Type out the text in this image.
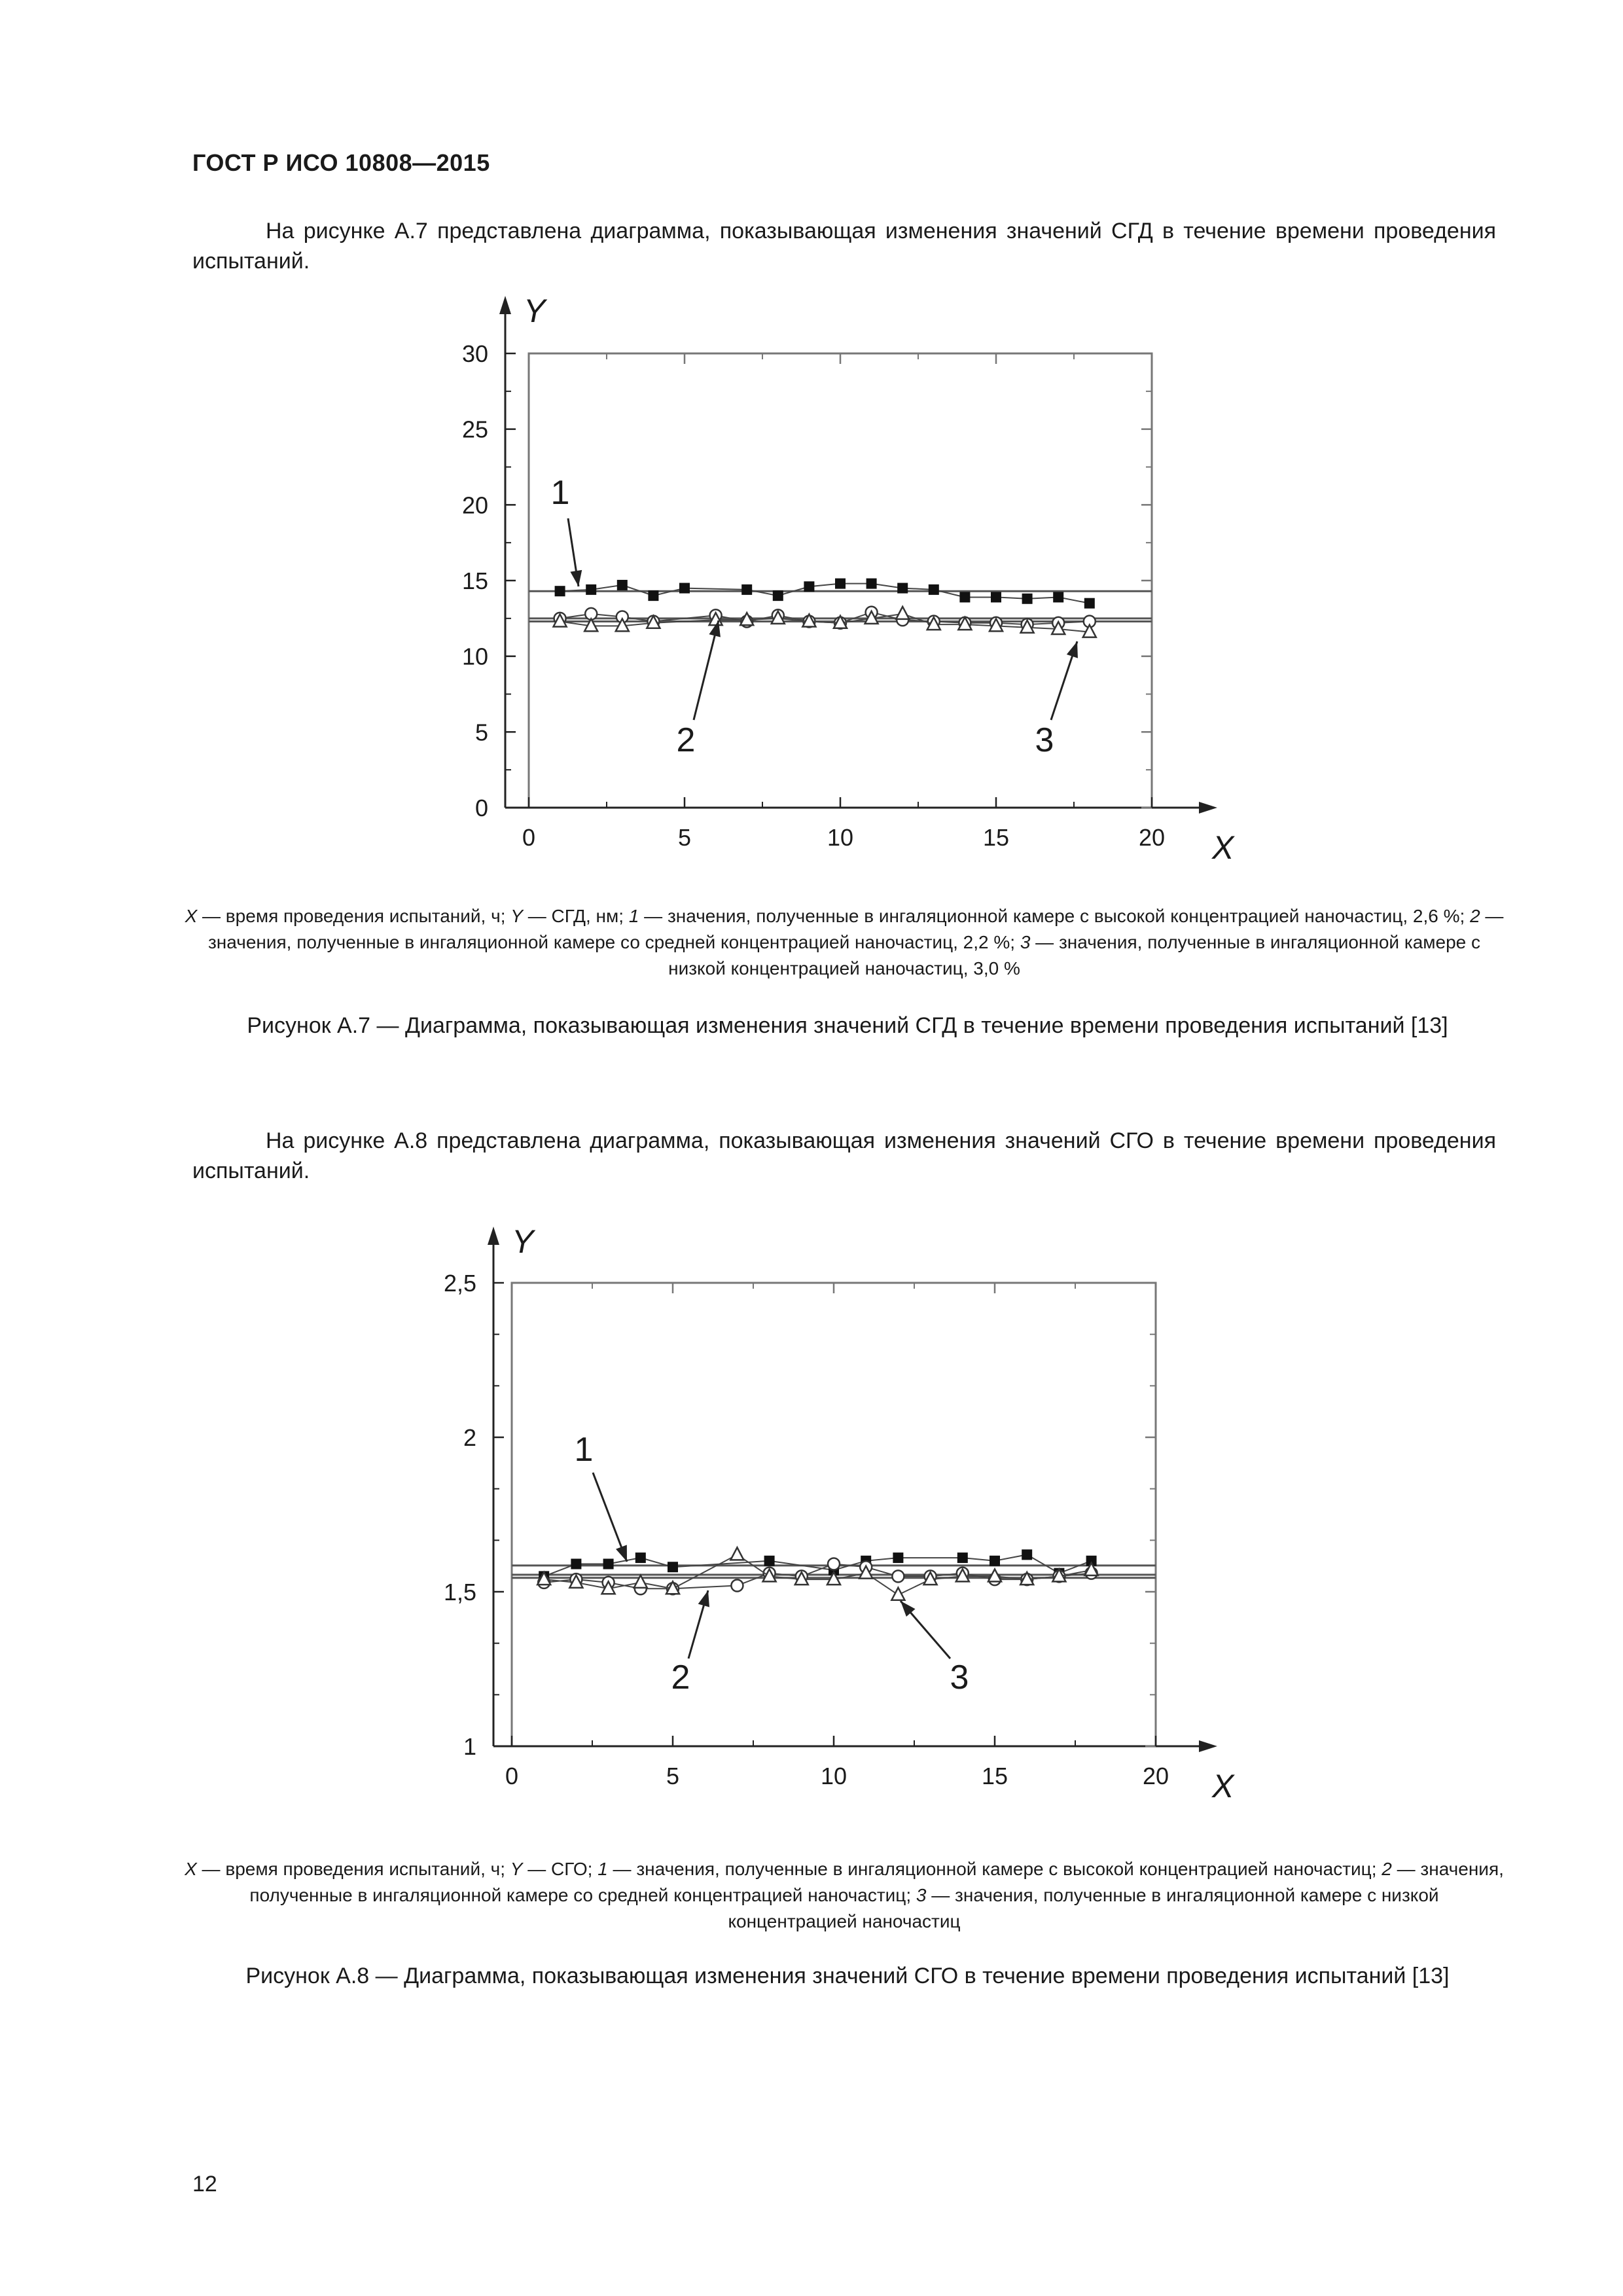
ГОСТ Р ИСО 10808—2015
На рисунке А.7 представлена диаграмма, показывающая изменения значений СГД в течение времени проведения испытаний.
0
5
10
15
20
25
30
0	5	10	15	20
Y
X
1
2	3
X — время проведения испытаний, ч; Y — СГД, нм; 1 — значения, полученные в ингаляционной камере с высокой концентрацией наночастиц, 2,6 %; 2 — значения, полученные в ингаляционной камере со средней концентрацией наночастиц, 2,2 %; 3 — значения, полученные в ингаляционной камере с низкой концентрацией наночастиц, 3,0 %
Рисунок А.7 — Диаграмма, показывающая изменения значений СГД в течение времени проведения испытаний [13]
На рисунке А.8 представлена диаграмма, показывающая изменения значений СГО в течение времени проведения испытаний.
1
1,5
2
2,5
0	5	10	15	20
Y
X
1
2	3
X — время проведения испытаний, ч; Y — СГО; 1 — значения, полученные в ингаляционной камере с высокой концентрацией наночастиц; 2 — значения, полученные в ингаляционной камере со средней концентрацией наночастиц; 3 — значения, полученные в ингаляционной камере с низкой концентрацией наночастиц
Рисунок А.8 — Диаграмма, показывающая изменения значений СГО в течение времени проведения испытаний [13]
12
